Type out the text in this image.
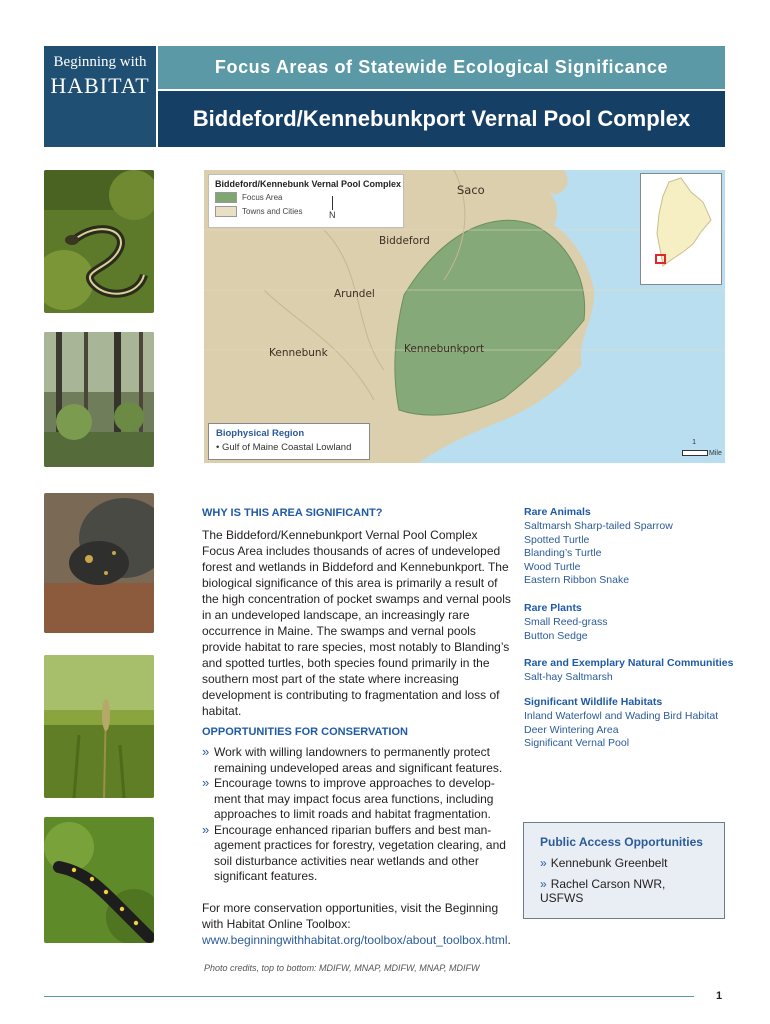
Beginning with
HABITAT
Focus Areas of Statewide Ecological Significance
Biddeford/Kennebunkport Vernal Pool Complex
Biddeford/Kennebunk Vernal Pool Complex
Focus Area
Towns and Cities	N
Saco
Biddeford
Arundel
Kennebunk	Kennebunkport
Biophysical Region
• Gulf of Maine Coastal Lowland	1
Mile
WHY IS THIS AREA SIGNIFICANT?

The Biddeford/Kennebunkport Vernal Pool Complex Focus Area includes thousands of acres of undeveloped forest and wetlands in Biddeford and Kennebunkport. The biological significance of this area is primarily a result of the high concentration of pocket swamps and vernal pools in an undeveloped landscape, an increasingly rare occurrence in Maine. The swamps and vernal pools provide habitat to rare species, most notably to Blanding’s and spotted turtles, both species found primarily in the southern most part of the state where increasing development is contributing to fragmentation and loss of habitat.

OPPORTUNITIES FOR CONSERVATION
» Work with willing landowners to permanently protect remaining undeveloped areas and significant features.
» Encourage towns to improve approaches to develop-ment that may impact focus area functions, including approaches to limit roads and habitat fragmentation.
» Encourage enhanced riparian buffers and best man-agement practices for forestry, vegetation clearing, and soil disturbance activities near wetlands and other significant features.
For more conservation opportunities, visit the Beginning with Habitat Online Toolbox: www.beginningwithhabitat.org/toolbox/about_toolbox.html.
Rare Animals
Saltmarsh Sharp-tailed Sparrow
Spotted Turtle
Blanding’s Turtle
Wood Turtle
Eastern Ribbon Snake
Rare Plants
Small Reed-grass
Button Sedge
Rare and Exemplary Natural Communities
Salt-hay Saltmarsh
Significant Wildlife Habitats
Inland Waterfowl and Wading Bird Habitat
Deer Wintering Area
Significant Vernal Pool
Public Access Opportunities
» Kennebunk Greenbelt
» Rachel Carson NWR, USFWS
Photo credits, top to bottom: MDIFW, MNAP, MDIFW, MNAP, MDIFW
1
